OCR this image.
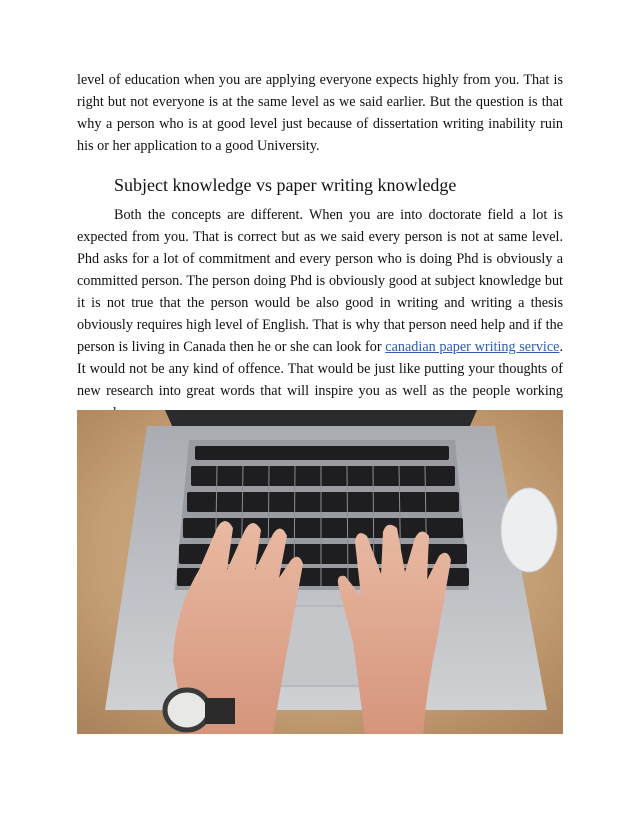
level of education when you are applying everyone expects highly from you. That is right but not everyone is at the same level as we said earlier. But the question is that why a person who is at good level just because of dissertation writing inability ruin his or her application to a good University.

Subject knowledge vs paper writing knowledge

Both the concepts are different. When you are into doctorate field a lot is expected from you. That is correct but as we said every person is not at same level. Phd asks for a lot of commitment and every person who is doing Phd is obviously a committed person. The person doing Phd is obviously good at subject knowledge but it is not true that the person would be also good in writing and writing a thesis obviously requires high level of English. That is why that person need help and if the person is living in Canada then he or she can look for canadian paper writing service. It would not be any kind of offence. That would be just like putting your thoughts of new research into great words that will inspire you as well as the people working
